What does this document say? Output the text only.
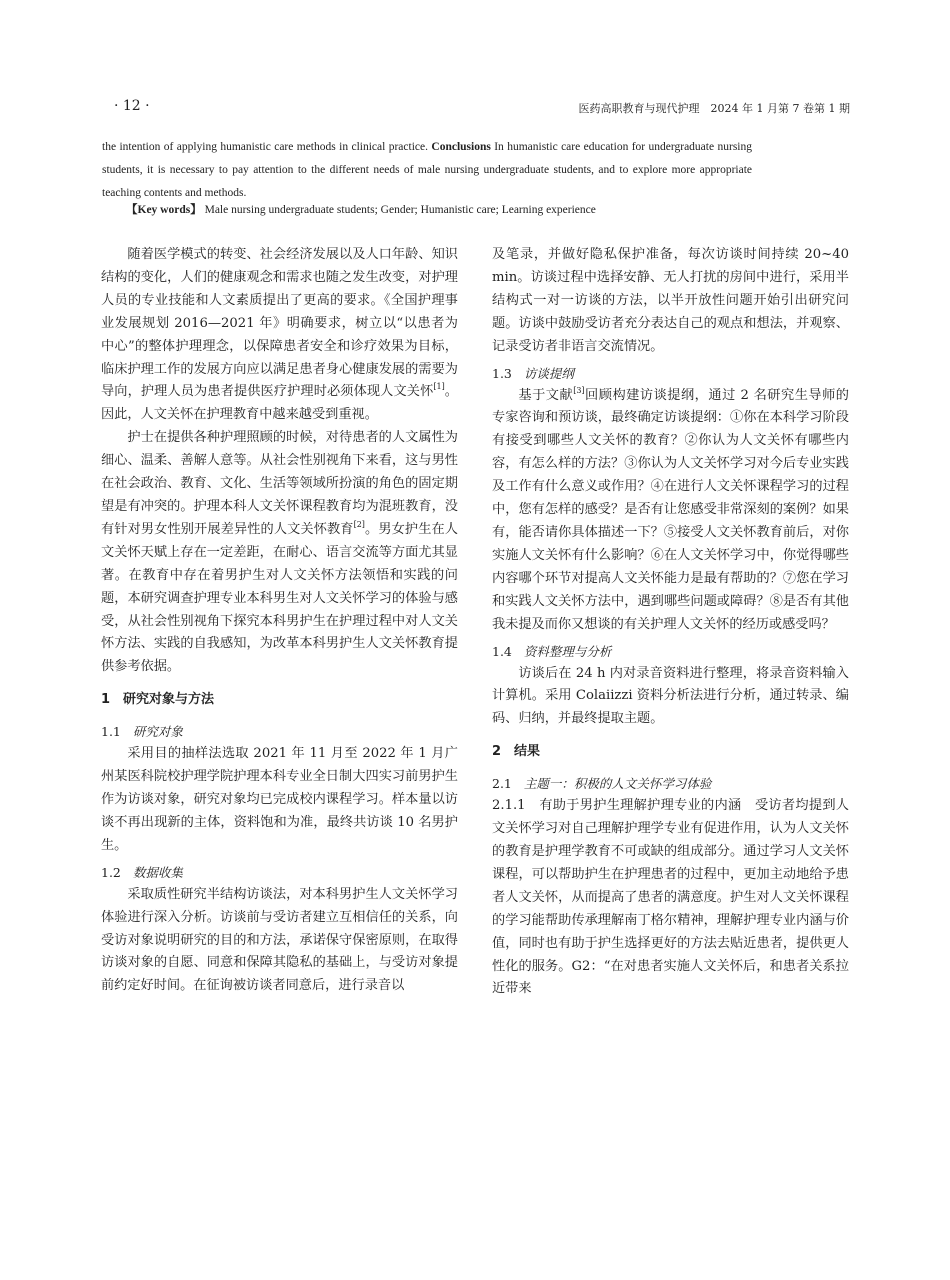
· 12 ·	医药高职教育与现代护理　2024 年 1 月第 7 卷第 1 期
the intention of applying humanistic care methods in clinical practice. Conclusions In humanistic care education for undergraduate nursing students, it is necessary to pay attention to the different needs of male nursing undergraduate students, and to explore more appropriate teaching contents and methods.
【Key words】 Male nursing undergraduate students; Gender; Humanistic care; Learning experience

随着医学模式的转变、社会经济发展以及人口年龄、知识结构的变化，人们的健康观念和需求也随之发生改变，对护理人员的专业技能和人文素质提出了更高的要求。《全国护理事业发展规划 2016—2021 年》明确要求，树立以“以患者为中心”的整体护理理念，以保障患者安全和诊疗效果为目标，临床护理工作的发展方向应以满足患者身心健康发展的需要为导向，护理人员为患者提供医疗护理时必须体现人文关怀[1]。因此，人文关怀在护理教育中越来越受到重视。

护士在提供各种护理照顾的时候，对待患者的人文属性为细心、温柔、善解人意等。从社会性别视角下来看，这与男性在社会政治、教育、文化、生活等领域所扮演的角色的固定期望是有冲突的。护理本科人文关怀课程教育均为混班教育，没有针对男女性别开展差异性的人文关怀教育[2]。男女护生在人文关怀天赋上存在一定差距，在耐心、语言交流等方面尤其显著。在教育中存在着男护生对人文关怀方法领悟和实践的问题，本研究调查护理专业本科男生对人文关怀学习的体验与感受，从社会性别视角下探究本科男护生在护理过程中对人文关怀方法、实践的自我感知，为改革本科男护生人文关怀教育提供参考依据。

1　研究对象与方法
1.1 研究对象

采用目的抽样法选取 2021 年 11 月至 2022 年 1 月广州某医科院校护理学院护理本科专业全日制大四实习前男护生作为访谈对象，研究对象均已完成校内课程学习。样本量以访谈不再出现新的主体，资料饱和为准，最终共访谈 10 名男护生。

1.2 数据收集

采取质性研究半结构访谈法，对本科男护生人文关怀学习体验进行深入分析。访谈前与受访者建立互相信任的关系，向受访对象说明研究的目的和方法，承诺保守保密原则，在取得访谈对象的自愿、同意和保障其隐私的基础上，与受访对象提前约定好时间。在征询被访谈者同意后，进行录音以

及笔录，并做好隐私保护准备，每次访谈时间持续 20~40 min。访谈过程中选择安静、无人打扰的房间中进行，采用半结构式一对一访谈的方法，以半开放性问题开始引出研究问题。访谈中鼓励受访者充分表达自己的观点和想法，并观察、记录受访者非语言交流情况。

1.3 访谈提纲

基于文献[3]回顾构建访谈提纲，通过 2 名研究生导师的专家咨询和预访谈，最终确定访谈提纲：①你在本科学习阶段有接受到哪些人文关怀的教育？②你认为人文关怀有哪些内容，有怎么样的方法？③你认为人文关怀学习对今后专业实践及工作有什么意义或作用？④在进行人文关怀课程学习的过程中，您有怎样的感受？是否有让您感受非常深刻的案例？如果有，能否请你具体描述一下？⑤接受人文关怀教育前后，对你实施人文关怀有什么影响？⑥在人文关怀学习中，你觉得哪些内容哪个环节对提高人文关怀能力是最有帮助的？⑦您在学习和实践人文关怀方法中，遇到哪些问题或障碍？⑧是否有其他我未提及而你又想谈的有关护理人文关怀的经历或感受吗？

1.4 资料整理与分析

访谈后在 24 h 内对录音资料进行整理，将录音资料输入计算机。采用 Colaiizzi 资料分析法进行分析，通过转录、编码、归纳，并最终提取主题。

2　结果
2.1 主题一：积极的人文关怀学习体验

2.1.1　有助于男护生理解护理专业的内涵　受访者均提到人文关怀学习对自己理解护理学专业有促进作用，认为人文关怀的教育是护理学教育不可或缺的组成部分。通过学习人文关怀课程，可以帮助护生在护理患者的过程中，更加主动地给予患者人文关怀，从而提高了患者的满意度。护生对人文关怀课程的学习能帮助传承理解南丁格尔精神，理解护理专业内涵与价值，同时也有助于护生选择更好的方法去贴近患者，提供更人性化的服务。G2：“在对患者实施人文关怀后，和患者关系拉近带来
